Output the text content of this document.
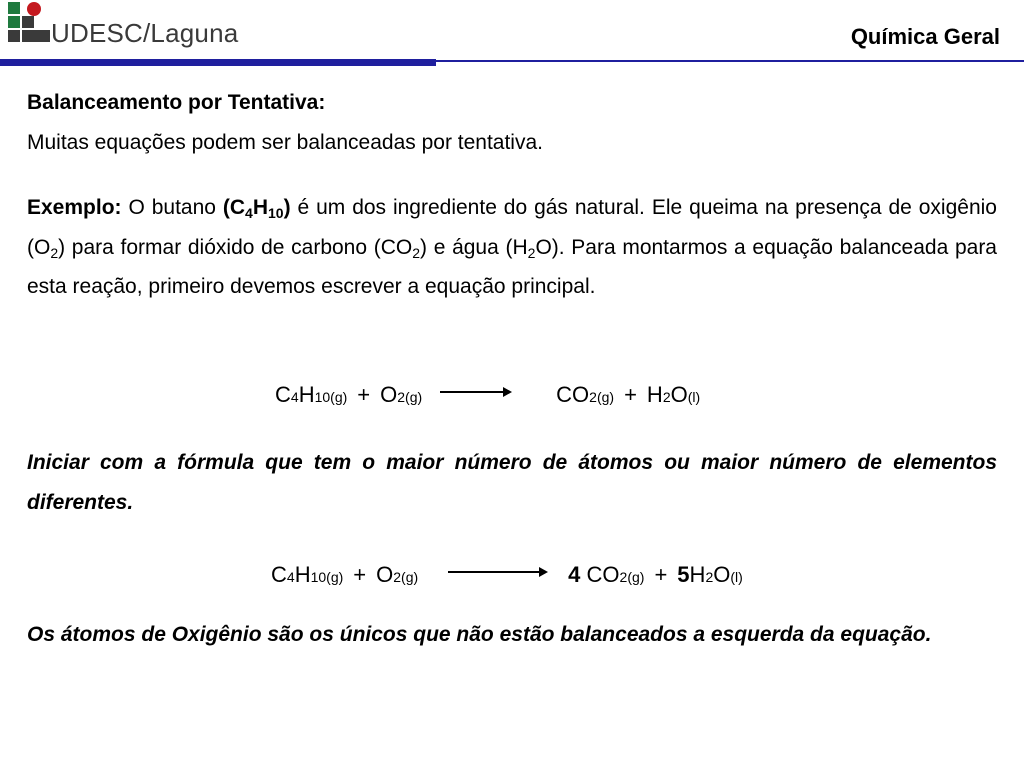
UDESC/Laguna	Química Geral
Balanceamento por Tentativa:
Muitas equações podem ser balanceadas por tentativa.

Exemplo: O butano $(C_4H_{10})$ é um dos ingrediente do gás natural. Ele queima na presença de oxigênio $(O_2)$ para formar dióxido de carbono $(CO_2)$ e água $(H_2O)$. Para montarmos a equação balanceada para esta reação, primeiro devemos escrever a equação principal.

C 4 H 10(g) + O 2(g)	CO 2(g) + H 2 O (l)

Iniciar com a fórmula que tem o maior número de átomos ou maior número de elementos diferentes.

C 4 H 10(g) + O 2(g)	4
CO 2(g) + 5 H 2 O (l)

Os átomos de Oxigênio são os únicos que não estão balanceados a esquerda da equação.
